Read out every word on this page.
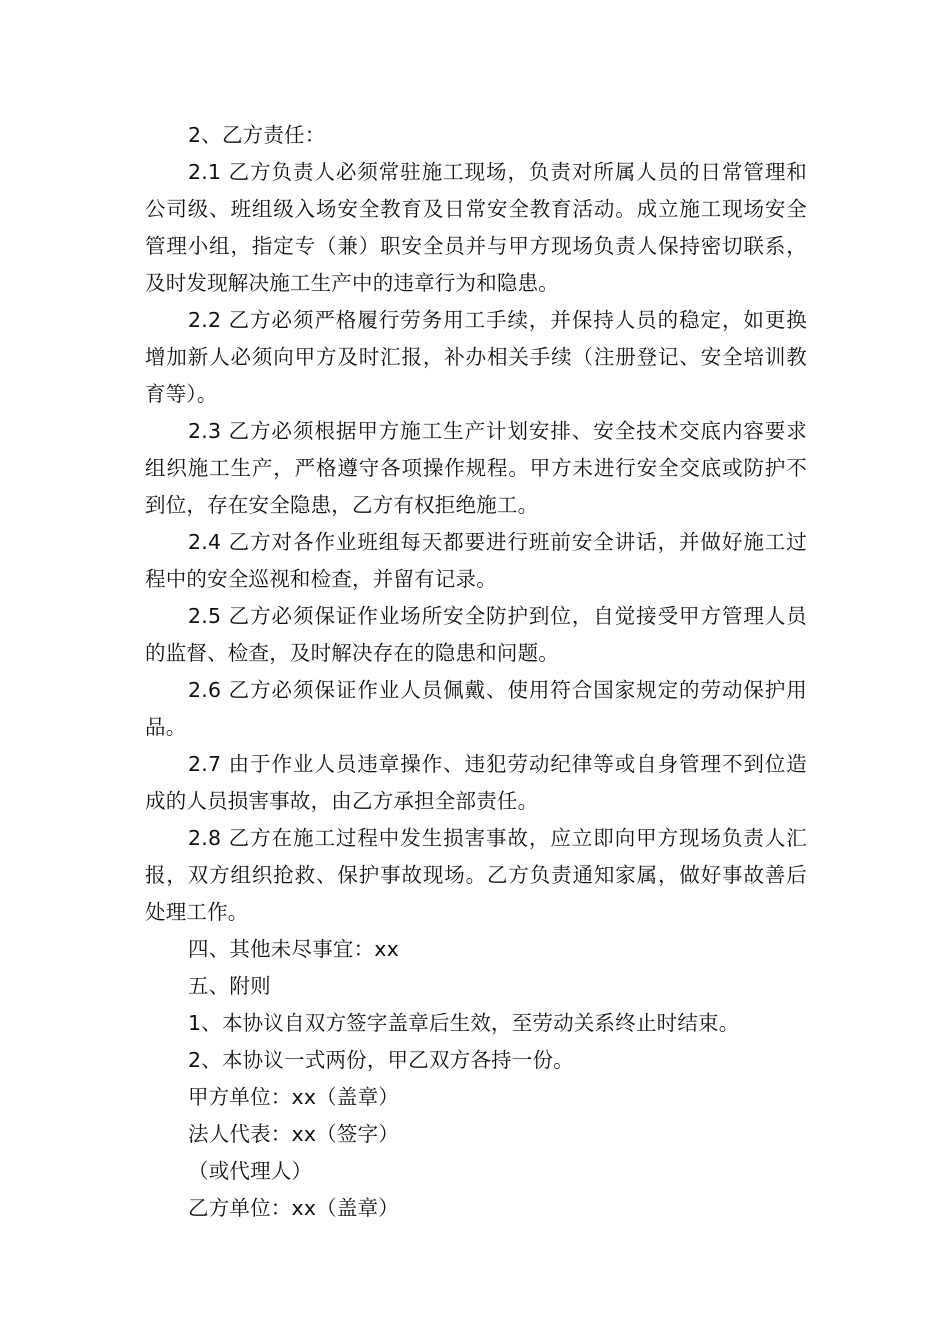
2、乙方责任：

2.1 乙方负责人必须常驻施工现场，负责对所属人员的日常管理和公司级、班组级入场安全教育及日常安全教育活动。成立施工现场安全管理小组，指定专（兼）职安全员并与甲方现场负责人保持密切联系，及时发现解决施工生产中的违章行为和隐患。

2.2 乙方必须严格履行劳务用工手续，并保持人员的稳定，如更换增加新人必须向甲方及时汇报，补办相关手续（注册登记、安全培训教育等）。

2.3 乙方必须根据甲方施工生产计划安排、安全技术交底内容要求组织施工生产，严格遵守各项操作规程。甲方未进行安全交底或防护不到位，存在安全隐患，乙方有权拒绝施工。

2.4 乙方对各作业班组每天都要进行班前安全讲话，并做好施工过程中的安全巡视和检查，并留有记录。

2.5 乙方必须保证作业场所安全防护到位，自觉接受甲方管理人员的监督、检查，及时解决存在的隐患和问题。

2.6 乙方必须保证作业人员佩戴、使用符合国家规定的劳动保护用品。

2.7 由于作业人员违章操作、违犯劳动纪律等或自身管理不到位造成的人员损害事故，由乙方承担全部责任。

2.8 乙方在施工过程中发生损害事故，应立即向甲方现场负责人汇报，双方组织抢救、保护事故现场。乙方负责通知家属，做好事故善后处理工作。

四、其他未尽事宜：xx

五、附则

1、本协议自双方签字盖章后生效，至劳动关系终止时结束。

2、本协议一式两份，甲乙双方各持一份。

甲方单位：xx（盖章）

法人代表：xx（签字）

（或代理人）

乙方单位：xx（盖章）
